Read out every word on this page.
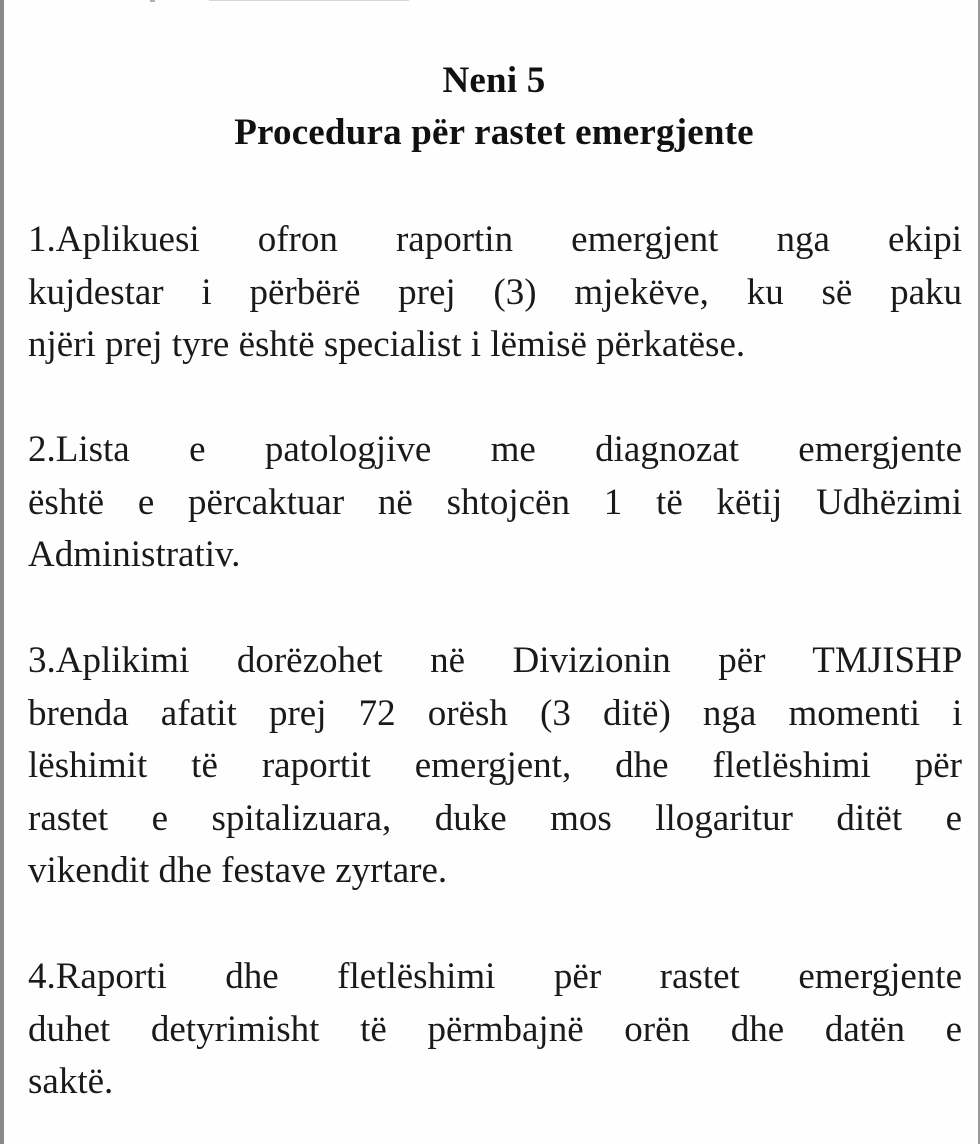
Neni 5
Procedura për rastet emergjente
1.Aplikuesi ofron raportin emergjent nga ekipi
kujdestar i përbërë prej (3) mjekëve, ku së paku
njëri prej tyre është specialist i lëmisë përkatëse.
2.Lista e patologjive me diagnozat emergjente
është e përcaktuar në shtojcën 1 të këtij Udhëzimi
Administrativ.
3.Aplikimi dorëzohet në Divizionin për TMJISHP
brenda afatit prej 72 orësh (3 ditë) nga momenti i
lëshimit të raportit emergjent, dhe fletlëshimi për
rastet e spitalizuara, duke mos llogaritur ditët e
vikendit dhe festave zyrtare.
4.Raporti dhe fletlëshimi për rastet emergjente
duhet detyrimisht të përmbajnë orën dhe datën e
saktë.
